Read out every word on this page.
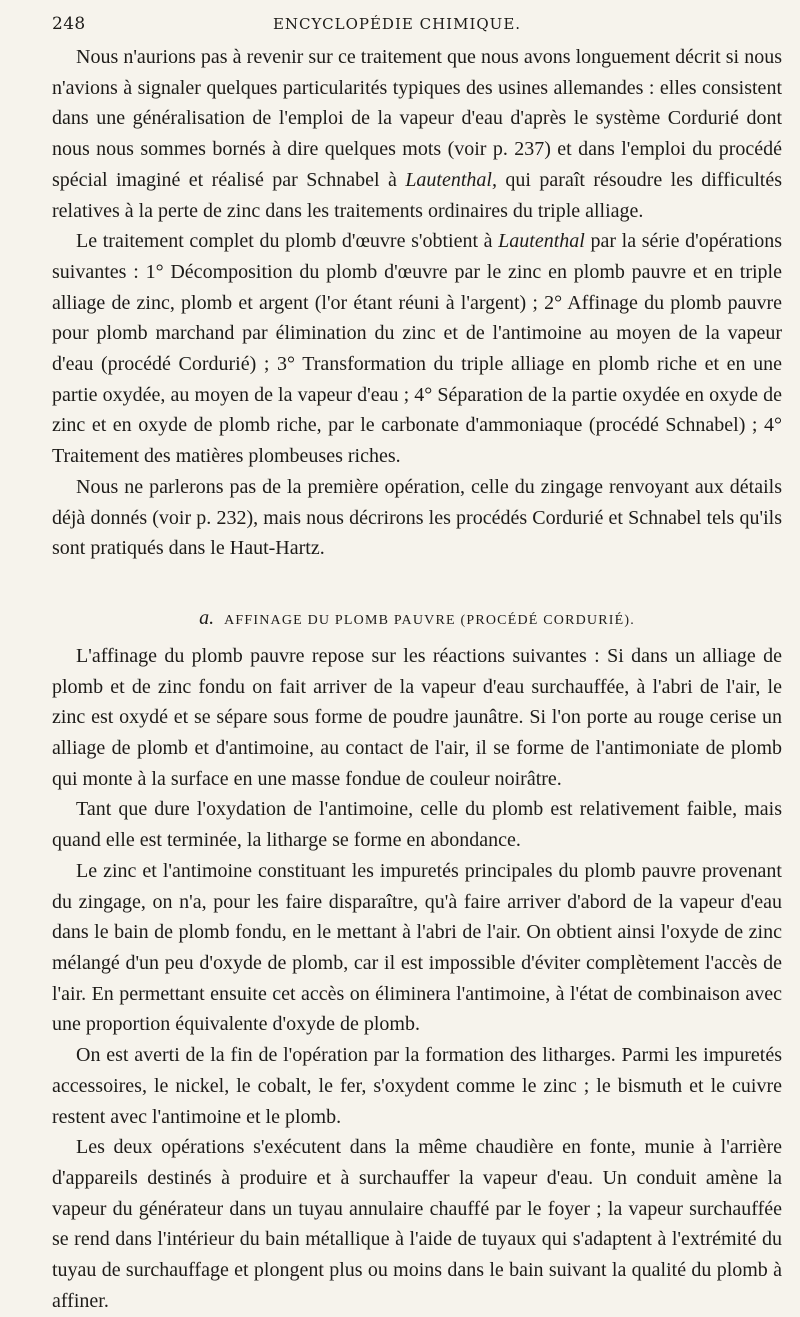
248	ENCYCLOPÉDIE CHIMIQUE.

Nous n'aurions pas à revenir sur ce traitement que nous avons longuement décrit si nous n'avions à signaler quelques particularités typiques des usines allemandes : elles consistent dans une généralisation de l'emploi de la vapeur d'eau d'après le système Cordurié dont nous nous sommes bornés à dire quelques mots (voir p. 237) et dans l'emploi du procédé spécial imaginé et réalisé par Schnabel à Lautenthal, qui paraît résoudre les difficultés relatives à la perte de zinc dans les traitements ordinaires du triple alliage.

Le traitement complet du plomb d'œuvre s'obtient à Lautenthal par la série d'opérations suivantes : 1° Décomposition du plomb d'œuvre par le zinc en plomb pauvre et en triple alliage de zinc, plomb et argent (l'or étant réuni à l'argent) ; 2° Affinage du plomb pauvre pour plomb marchand par élimination du zinc et de l'antimoine au moyen de la vapeur d'eau (procédé Cordurié) ; 3° Transformation du triple alliage en plomb riche et en une partie oxydée, au moyen de la vapeur d'eau ; 4° Séparation de la partie oxydée en oxyde de zinc et en oxyde de plomb riche, par le carbonate d'ammoniaque (procédé Schnabel) ; 4° Traitement des matières plombeuses riches.

Nous ne parlerons pas de la première opération, celle du zingage renvoyant aux détails déjà donnés (voir p. 232), mais nous décrirons les procédés Cordurié et Schnabel tels qu'ils sont pratiqués dans le Haut-Hartz.

a. AFFINAGE DU PLOMB PAUVRE (PROCÉDÉ CORDURIÉ).

L'affinage du plomb pauvre repose sur les réactions suivantes : Si dans un alliage de plomb et de zinc fondu on fait arriver de la vapeur d'eau surchauffée, à l'abri de l'air, le zinc est oxydé et se sépare sous forme de poudre jaunâtre. Si l'on porte au rouge cerise un alliage de plomb et d'antimoine, au contact de l'air, il se forme de l'antimoniate de plomb qui monte à la surface en une masse fondue de couleur noirâtre.

Tant que dure l'oxydation de l'antimoine, celle du plomb est relativement faible, mais quand elle est terminée, la litharge se forme en abondance.

Le zinc et l'antimoine constituant les impuretés principales du plomb pauvre provenant du zingage, on n'a, pour les faire disparaître, qu'à faire arriver d'abord de la vapeur d'eau dans le bain de plomb fondu, en le mettant à l'abri de l'air. On obtient ainsi l'oxyde de zinc mélangé d'un peu d'oxyde de plomb, car il est impossible d'éviter complètement l'accès de l'air. En permettant ensuite cet accès on éliminera l'antimoine, à l'état de combinaison avec une proportion équivalente d'oxyde de plomb.

On est averti de la fin de l'opération par la formation des litharges. Parmi les impuretés accessoires, le nickel, le cobalt, le fer, s'oxydent comme le zinc ; le bismuth et le cuivre restent avec l'antimoine et le plomb.

Les deux opérations s'exécutent dans la même chaudière en fonte, munie à l'arrière d'appareils destinés à produire et à surchauffer la vapeur d'eau. Un conduit amène la vapeur du générateur dans un tuyau annulaire chauffé par le foyer ; la vapeur surchauffée se rend dans l'intérieur du bain métallique à l'aide de tuyaux qui s'adaptent à l'extrémité du tuyau de surchauffage et plongent plus ou moins dans le bain suivant la qualité du plomb à affiner.
